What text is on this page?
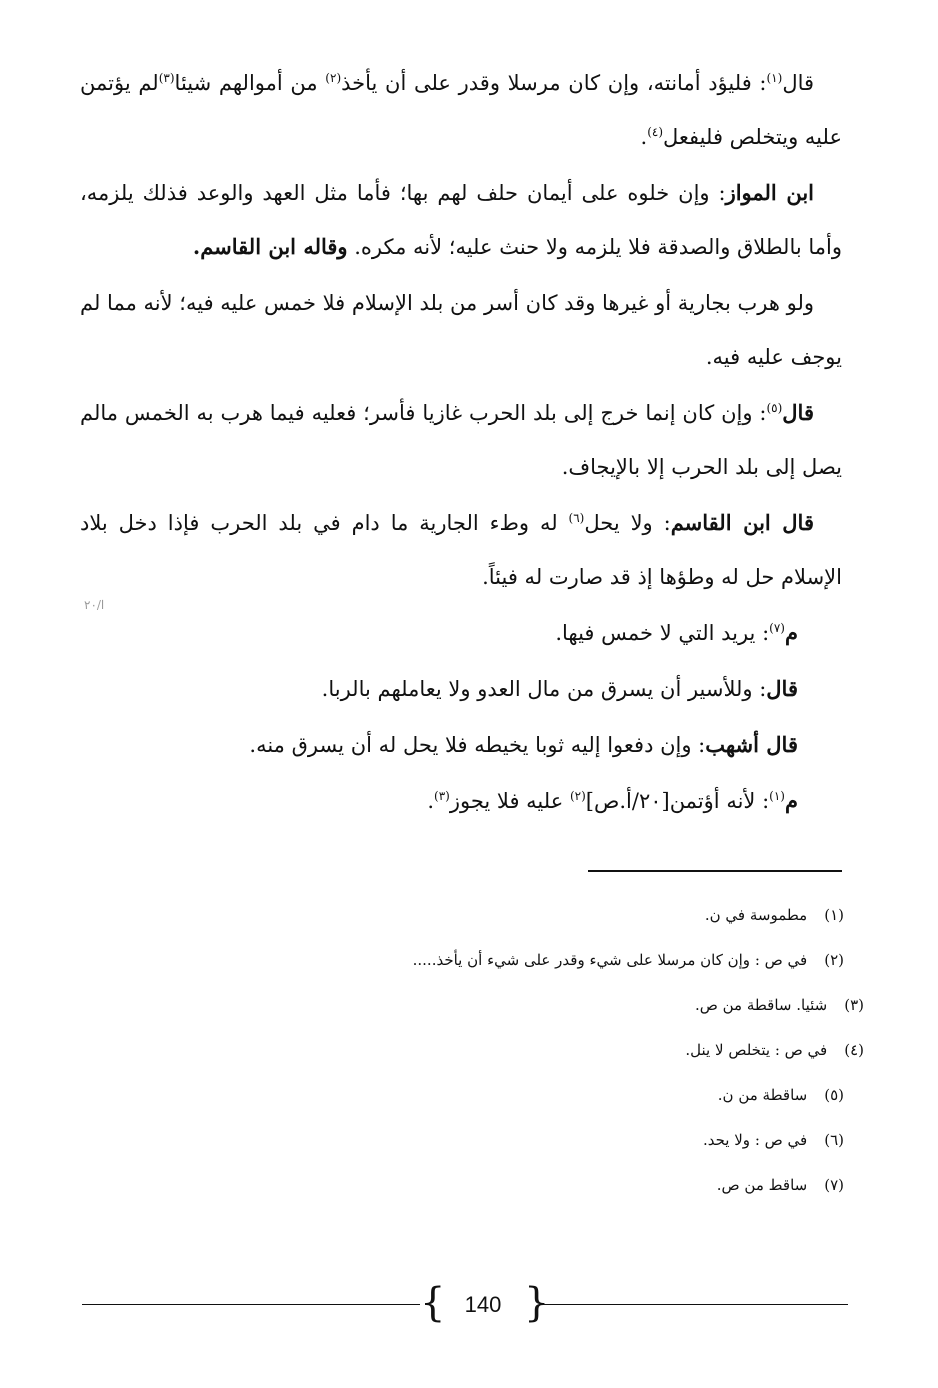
قال$^{(١)}$: فليؤد أمانته، وإن كان مرسلا وقدر على أن يأخذ$^{(٢)}$ من أموالهم شيئا$^{(٣)}$لم يؤتمن عليه ويتخلص فليفعل$^{(٤)}$.

ابن المواز: وإن خلوه على أيمان حلف لهم بها؛ فأما مثل العهد والوعد فذلك يلزمه، وأما بالطلاق والصدقة فلا يلزمه ولا حنث عليه؛ لأنه مكره. وقاله ابن القاسم.

ولو هرب بجارية أو غيرها وقد كان أسر من بلد الإسلام فلا خمس عليه فيه؛ لأنه مما لم يوجف عليه فيه.

قال$^{(٥)}$: وإن كان إنما خرج إلى بلد الحرب غازيا فأسر؛ فعليه فيما هرب به الخمس مالم يصل إلى بلد الحرب إلا بالإيجاف.

قال ابن القاسم: ولا يحل$^{(٦)}$ له وطء الجارية ما دام في بلد الحرب فإذا دخل بلاد الإسلام حل له وطؤها إذ قد صارت له فيئاً.

م$^{(٧)}$: يريد التي لا خمس فيها.

قال: وللأسير أن يسرق من مال العدو ولا يعاملهم بالربا.

قال أشهب: وإن دفعوا إليه ثوبا يخيطه فلا يحل له أن يسرق منه.

م$^{(١)}$: لأنه أؤتمن[٢٠/أ.ص]$^{(٢)}$ عليه فلا يجوز$^{(٣)}$.

ﺍ/٢٠
(١) مطموسة في ن.
(٢) في ص : وإن كان مرسلا على شيء وقدر على شيء أن يأخذ.....
(٣) شئيا. ساقطة من ص.
(٤) في ص : يتخلص لا ينل.
(٥) ساقطة من ن.
(٦) في ص : ولا يحد.
(٧) ساقط من ص.
{ 140 }
